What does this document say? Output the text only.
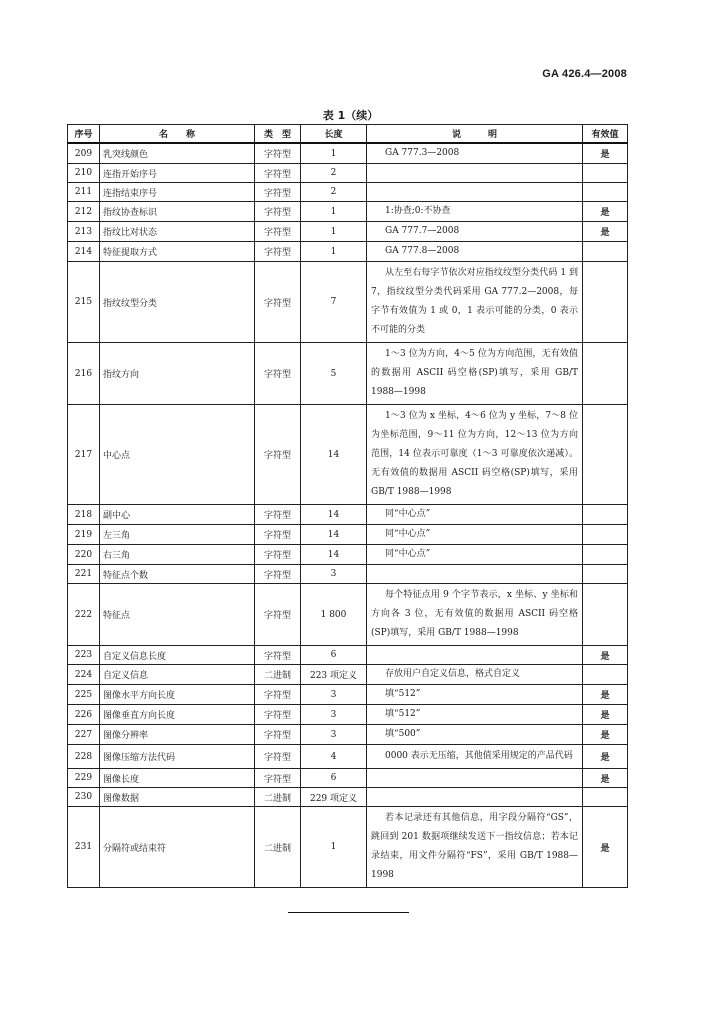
GA 426.4—2008
表 1（续）
序号	名　　称	类　型	长度	说　　　明	有效值
209	乳突线颜色	字符型	1	GA 777.3—2008	是
210	连指开始序号	字符型	2		
211	连指结束序号	字符型	2		
212	指纹协查标识	字符型	1	1:协查;0:不协查	是
213	指纹比对状态	字符型	1	GA 777.7—2008	是
214	特征提取方式	字符型	1	GA 777.8—2008	
215	指纹纹型分类	字符型	7	从左至右每字节依次对应指纹纹型分类代码 1 到 7，指纹纹型分类代码采用 GA 777.2—2008，每字节有效值为 1 或 0，1 表示可能的分类，0 表示不可能的分类	
216	指纹方向	字符型	5	1～3 位为方向，4～5 位为方向范围，无有效值的数据用 ASCII 码空格(SP)填写，采用 GB/T 1988—1998	
217	中心点	字符型	14	1～3 位为 x 坐标，4～6 位为 y 坐标，7～8 位为坐标范围，9～11 位为方向，12～13 位为方向范围，14 位表示可靠度（1～3 可靠度依次递减）。无有效值的数据用 ASCII 码空格(SP)填写，采用 GB/T 1988—1998	
218	副中心	字符型	14	同“中心点”	
219	左三角	字符型	14	同“中心点”	
220	右三角	字符型	14	同“中心点”	
221	特征点个数	字符型	3		
222	特征点	字符型	1 800	每个特征点用 9 个字节表示，x 坐标、y 坐标和方向各 3 位，无有效值的数据用 ASCII 码空格(SP)填写，采用 GB/T 1988—1998	
223	自定义信息长度	字符型	6		是
224	自定义信息	二进制	223 项定义	存放用户自定义信息，格式自定义	
225	图像水平方向长度	字符型	3	填“512”	是
226	图像垂直方向长度	字符型	3	填“512”	是
227	图像分辨率	字符型	3	填“500”	是
228	图像压缩方法代码	字符型	4	0000 表示无压缩，其他值采用规定的产品代码	是
229	图像长度	字符型	6		是
230	图像数据	二进制	229 项定义		
231	分隔符或结束符	二进制	1	若本记录还有其他信息，用字段分隔符“GS”，跳回到 201 数据项继续发送下一指纹信息；若本记录结束，用文件分隔符“FS”，采用 GB/T 1988—1998	是
